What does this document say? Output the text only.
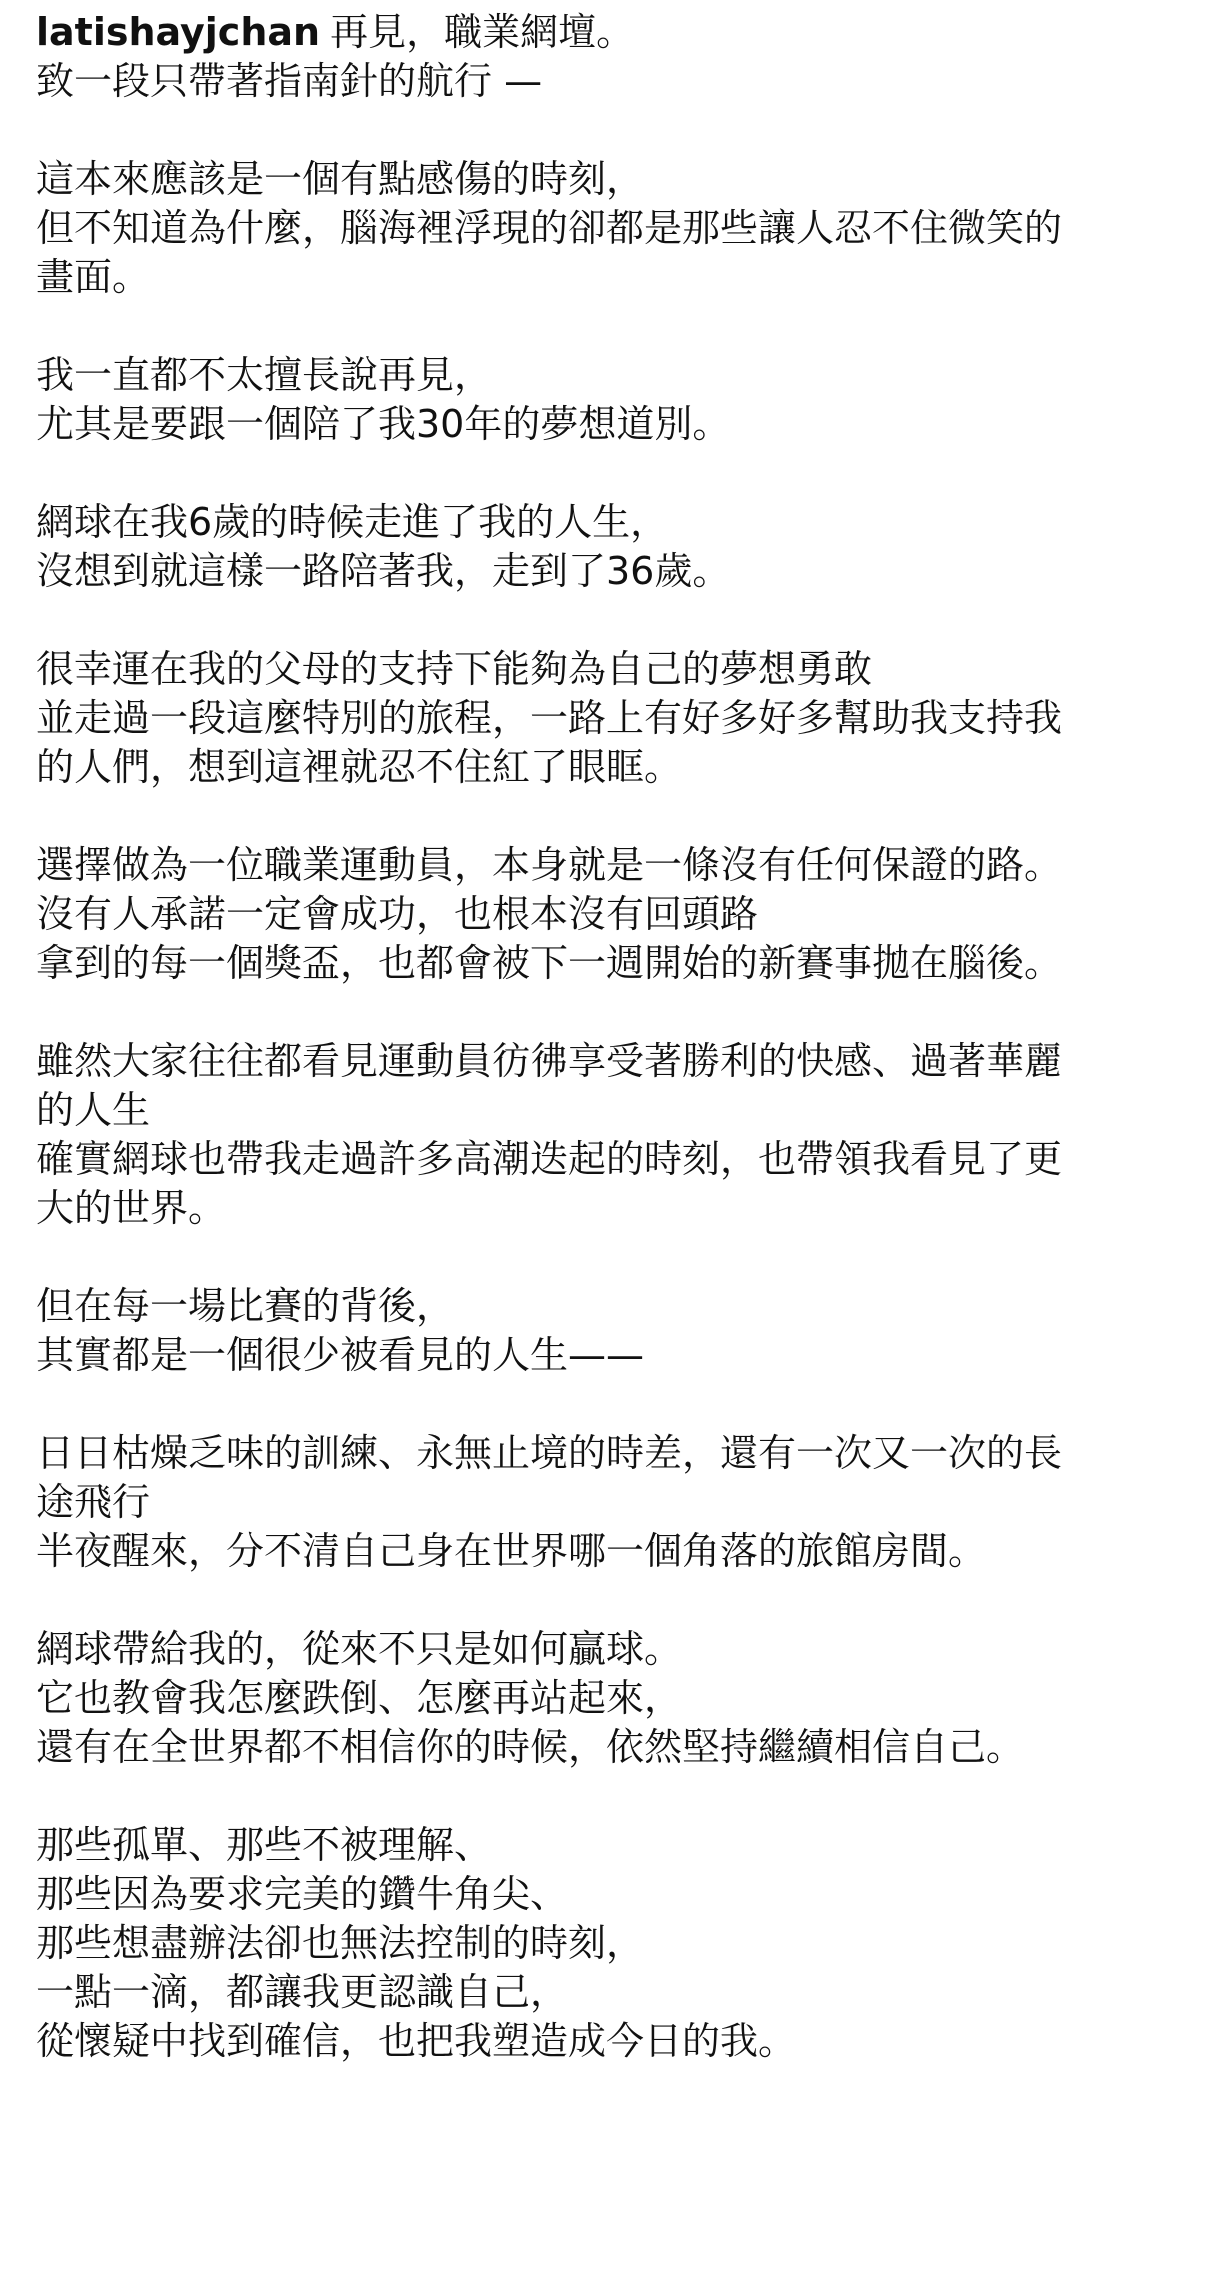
latishayjchan 再見，職業網壇。
致一段只帶著指南針的航行 —
這本來應該是一個有點感傷的時刻，
但不知道為什麼，腦海裡浮現的卻都是那些讓人忍不住微笑的
畫面。
我一直都不太擅長說再見，
尤其是要跟一個陪了我30年的夢想道別。
網球在我6歲的時候走進了我的人生，
沒想到就這樣一路陪著我，走到了36歲。
很幸運在我的父母的支持下能夠為自己的夢想勇敢
並走過一段這麼特別的旅程，一路上有好多好多幫助我支持我
的人們，想到這裡就忍不住紅了眼眶。
選擇做為一位職業運動員，本身就是一條沒有任何保證的路。
沒有人承諾一定會成功，也根本沒有回頭路
拿到的每一個獎盃，也都會被下一週開始的新賽事拋在腦後。
雖然大家往往都看見運動員彷彿享受著勝利的快感、過著華麗
的人生
確實網球也帶我走過許多高潮迭起的時刻，也帶領我看見了更
大的世界。
但在每一場比賽的背後，
其實都是一個很少被看見的人生——
日日枯燥乏味的訓練、永無止境的時差，還有一次又一次的長
途飛行
半夜醒來，分不清自己身在世界哪一個角落的旅館房間。
網球帶給我的，從來不只是如何贏球。
它也教會我怎麼跌倒、怎麼再站起來，
還有在全世界都不相信你的時候，依然堅持繼續相信自己。
那些孤單、那些不被理解、
那些因為要求完美的鑽牛角尖、
那些想盡辦法卻也無法控制的時刻，
一點一滴，都讓我更認識自己，
從懷疑中找到確信，也把我塑造成今日的我。
